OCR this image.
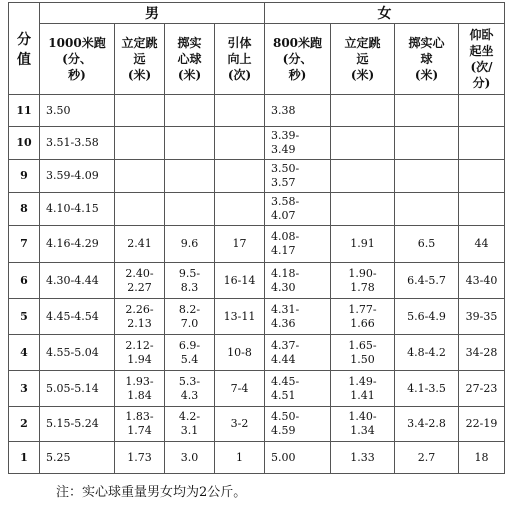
分
值	男				女			

	1000米跑
(分、
秒)	立定跳
远
(米)	掷实
心球
(米)	引体
向上
(次)	800米跑
(分、
秒)	立定跳
远
(米)	掷实心
球
(米)	仰卧
起坐
(次/
分)

11	3.50				3.38			

10	3.51-3.58				3.39-
3.49			

9	3.59-4.09				3.50-
3.57			

8	4.10-4.15				3.58-
4.07			

7	4.16-4.29	2.41	9.6	17	4.08-
4.17	1.91	6.5	44

6	4.30-4.44	2.40-
2.27	9.5-
8.3	16-14	4.18-
4.30	1.90-
1.78	6.4-5.7	43-40

5	4.45-4.54	2.26-
2.13	8.2-
7.0	13-11	4.31-
4.36	1.77-
1.66	5.6-4.9	39-35

4	4.55-5.04	2.12-
1.94	6.9-
5.4	10-8	4.37-
4.44	1.65-
1.50	4.8-4.2	34-28

3	5.05-5.14	1.93-
1.84	5.3-
4.3	7-4	4.45-
4.51	1.49-
1.41	4.1-3.5	27-23

2	5.15-5.24	1.83-
1.74	4.2-
3.1	3-2	4.50-
4.59	1.40-
1.34	3.4-2.8	22-19

1	5.25	1.73	3.0	1	5.00	1.33	2.7	18
注：实心球重量男女均为2公斤。
